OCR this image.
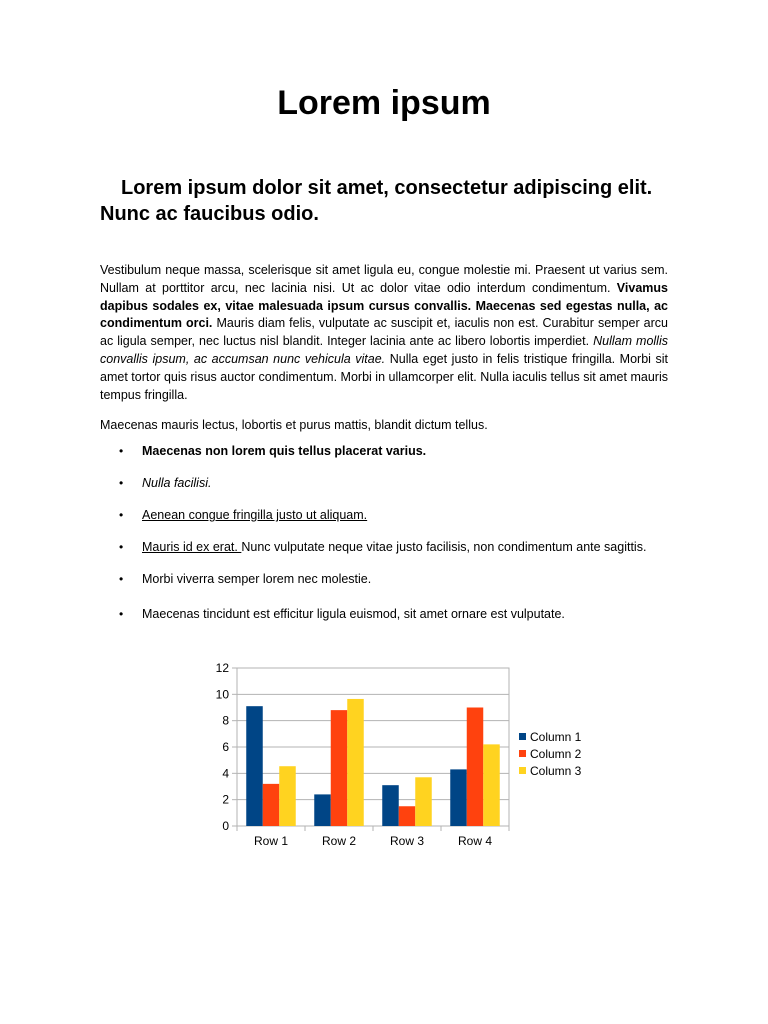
Lorem ipsum
Lorem ipsum dolor sit amet, consectetur adipiscing elit. Nunc ac faucibus odio.

Vestibulum neque massa, scelerisque sit amet ligula eu, congue molestie mi. Praesent ut varius sem. Nullam at porttitor arcu, nec lacinia nisi. Ut ac dolor vitae odio interdum condimentum. Vivamus dapibus sodales ex, vitae malesuada ipsum cursus convallis. Maecenas sed egestas nulla, ac condimentum orci. Mauris diam felis, vulputate ac suscipit et, iaculis non est. Curabitur semper arcu ac ligula semper, nec luctus nisl blandit. Integer lacinia ante ac libero lobortis imperdiet. Nullam mollis convallis ipsum, ac accumsan nunc vehicula vitae. Nulla eget justo in felis tristique fringilla. Morbi sit amet tortor quis risus auctor condimentum. Morbi in ullamcorper elit. Nulla iaculis tellus sit amet mauris tempus fringilla.

Maecenas mauris lectus, lobortis et purus mattis, blandit dictum tellus.

• Maecenas non lorem quis tellus placerat varius.
• Nulla facilisi.
• Aenean congue fringilla justo ut aliquam.
• Mauris id ex erat. Nunc vulputate neque vitae justo facilisis, non condimentum ante sagittis.
• Morbi viverra semper lorem nec molestie.
• Maecenas tincidunt est efficitur ligula euismod, sit amet ornare est vulputate.
0
2
4
6
8
10
12
Row 1	Row 2	Row 3	Row 4
Column 1
Column 2
Column 3
